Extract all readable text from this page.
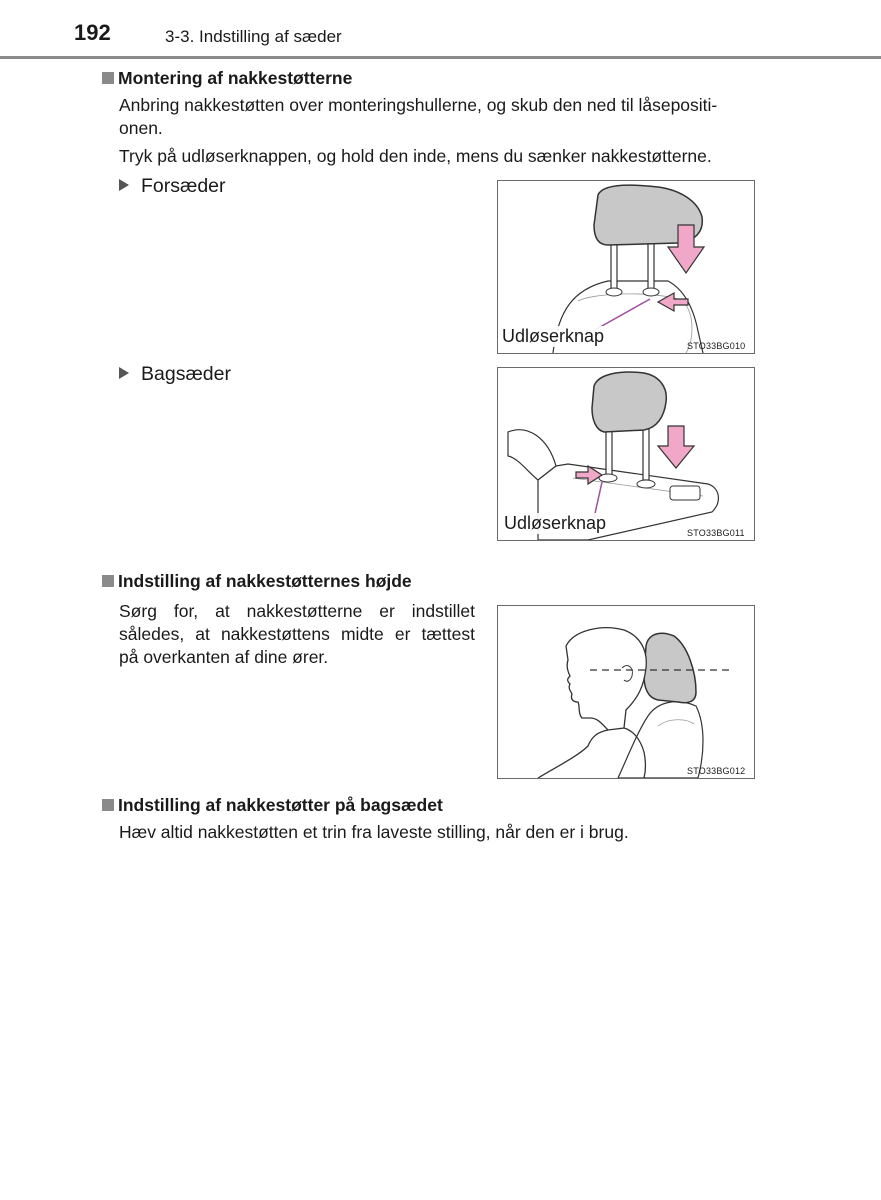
192	3-3. Indstilling af sæder
Montering af nakkestøtterne
Anbring nakkestøtten over monteringshullerne, og skub den ned til låsepositi-
onen.
Tryk på udløserknappen, og hold den inde, mens du sænker nakkestøtterne.
Forsæder
Udløserknap	STO33BG010
Bagsæder
Udløserknap	STO33BG011
Indstilling af nakkestøtternes højde
Sørg for, at nakkestøtterne er indstillet
således, at nakkestøttens midte er tættest
på overkanten af dine ører.
STO33BG012
Indstilling af nakkestøtter på bagsædet
Hæv altid nakkestøtten et trin fra laveste stilling, når den er i brug.
